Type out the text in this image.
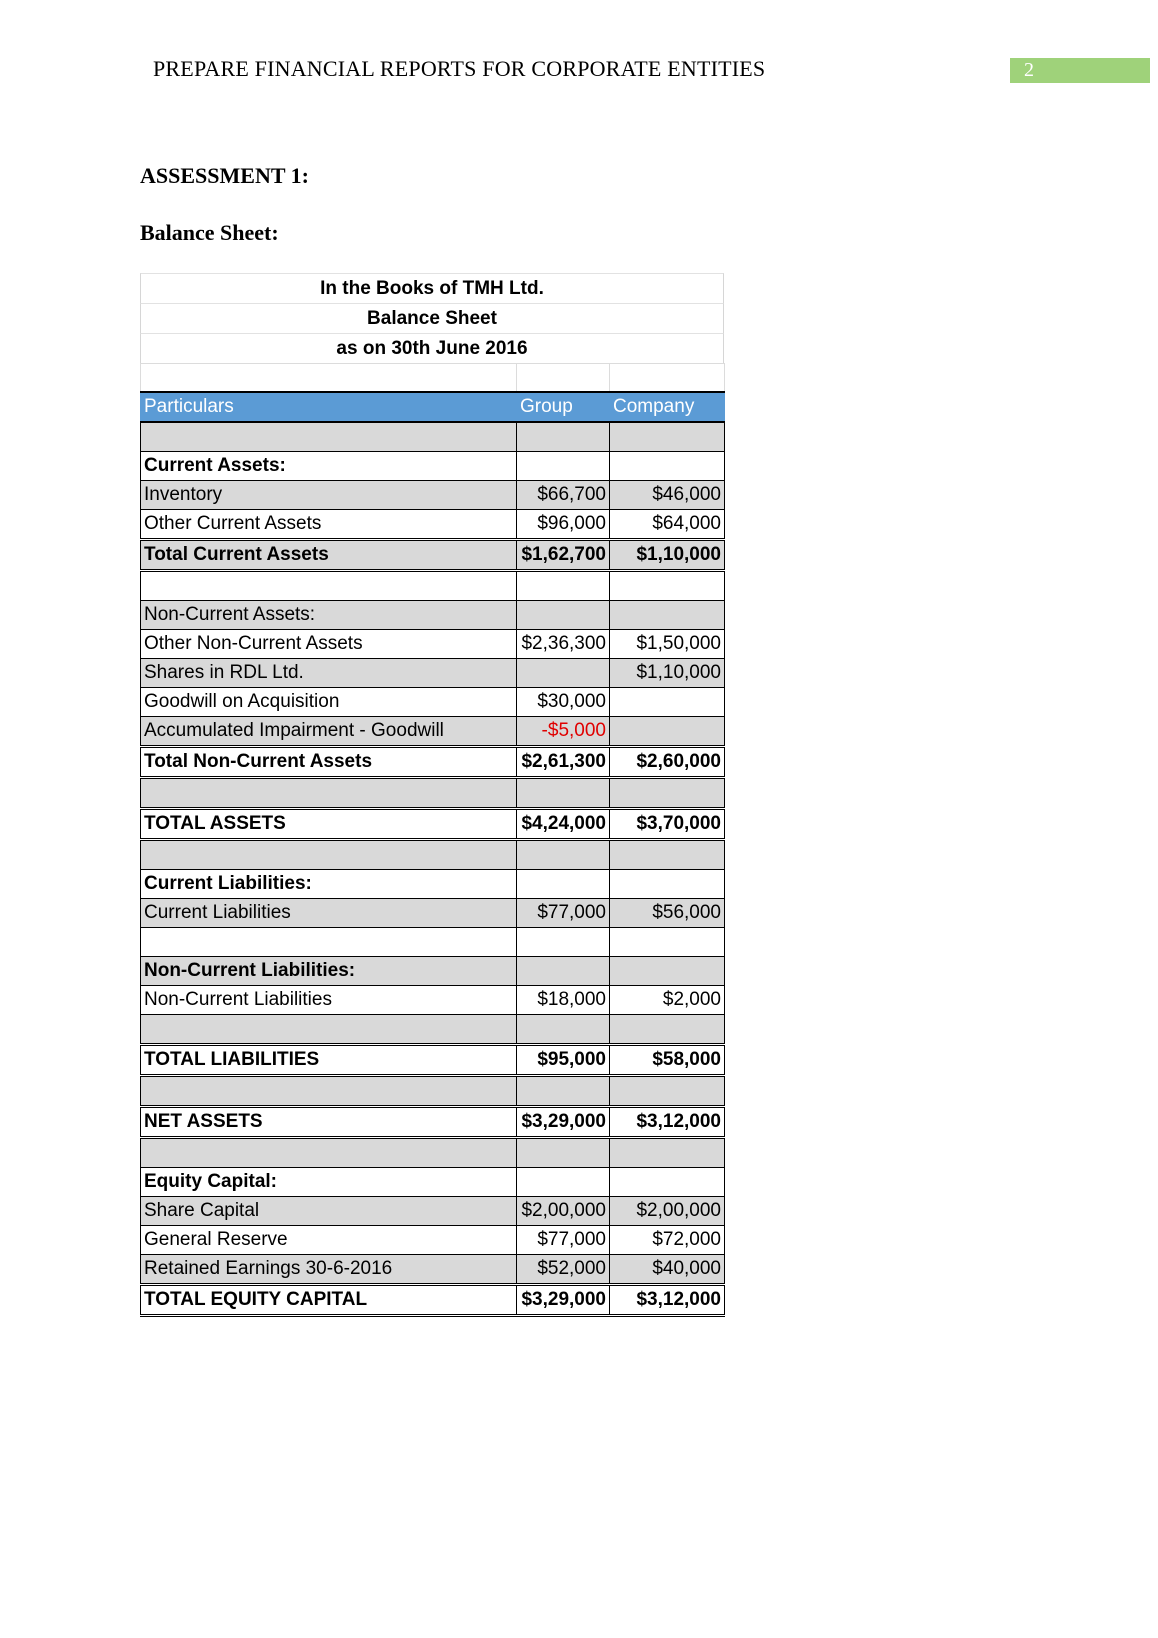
PREPARE FINANCIAL REPORTS FOR CORPORATE ENTITIES	2
ASSESSMENT 1:
Balance Sheet:
In the Books of TMH Ltd.
Balance Sheet
as on 30th June 2016

Particulars	Group	Company

Current Assets:		
Inventory	$66,700	$46,000
Other Current Assets	$96,000	$64,000
Total Current Assets	$1,62,700	$1,10,000

Non-Current Assets:		
Other Non-Current Assets	$2,36,300	$1,50,000
Shares in RDL Ltd.		$1,10,000
Goodwill on Acquisition	$30,000	
Accumulated Impairment - Goodwill	-$5,000	
Total Non-Current Assets	$2,61,300	$2,60,000

TOTAL ASSETS	$4,24,000	$3,70,000

Current Liabilities:		
Current Liabilities	$77,000	$56,000

Non-Current Liabilities:		
Non-Current Liabilities	$18,000	$2,000

TOTAL LIABILITIES	$95,000	$58,000

NET ASSETS	$3,29,000	$3,12,000

Equity Capital:		
Share Capital	$2,00,000	$2,00,000
General Reserve	$77,000	$72,000
Retained Earnings 30-6-2016	$52,000	$40,000
TOTAL EQUITY CAPITAL	$3,29,000	$3,12,000
